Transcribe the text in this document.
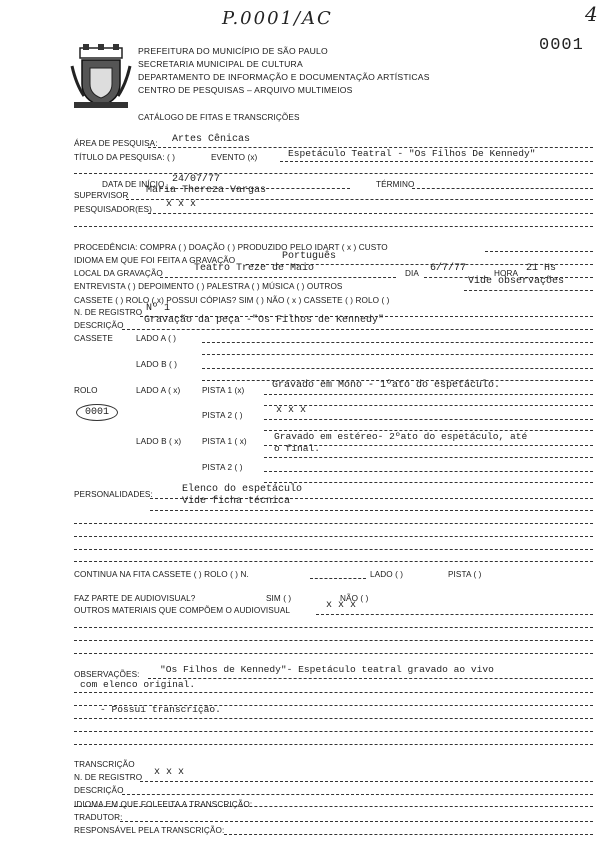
P.0001/AC	4
0001
PREFEITURA DO MUNICÍPIO DE SÃO PAULO
SECRETARIA MUNICIPAL DE CULTURA
DEPARTAMENTO DE INFORMAÇÃO E DOCUMENTAÇÃO ARTÍSTICAS
CENTRO DE PESQUISAS – ARQUIVO MULTIMEIOS
CATÁLOGO DE FITAS E TRANSCRIÇÕES
ÁREA DE PESQUISA: Artes Cênicas
TÍTULO DA PESQUISA: ( )	EVENTO (x)	Espetáculo Teatral - "Os Filhos De Kennedy"
DATA DE INÍCIO 24/07/77	TÉRMINO
SUPERVISOR Maria Thereza Vargas
PESQUISADOR(ES) x x x
PROCEDÊNCIA: COMPRA ( ) DOAÇÃO ( ) PRODUZIDO PELO IDART ( x ) CUSTO
IDIOMA EM QUE FOI FEITA A GRAVAÇÃO	Português
LOCAL DA GRAVAÇÃO	Teatro Treze de Maio	DIA 6/7/77	HORA 21 Hs
ENTREVISTA ( ) DEPOIMENTO ( ) PALESTRA ( ) MÚSICA ( ) OUTROS	Vide observações
CASSETE ( ) ROLO ( x) POSSUI CÓPIAS? SIM ( ) NÃO ( x ) CASSETE ( ) ROLO ( )
N. DE REGISTRO Nº 1
DESCRIÇÃO Gravação da peça -"Os Filhos de Kennedy"
CASSETE	LADO A ( )
LADO B ( )
ROLO	LADO A ( x)	PISTA 1 (x)	Gravado em Mono - 1ºato do espetáculo.
0001	PISTA 2 ( )	x x x
LADO B ( x)	PISTA 1 ( x)	Gravado em estéreo- 2ºato do espetáculo, até
o final.
PISTA 2 ( )
PERSONALIDADES:	Elenco do espetáculo
Vide ficha técnica
CONTINUA NA FITA CASSETE ( ) ROLO ( ) N.	LADO ( )	PISTA ( )
FAZ PARTE DE AUDIOVISUAL?	SIM ( )	NÃO ( )
OUTROS MATERIAIS QUE COMPÕEM O AUDIOVISUAL	x x x
OBSERVAÇÕES: "Os Filhos de Kennedy"- Espetáculo teatral gravado ao vivo
com elenco original.
- Possui transcrição.
TRANSCRIÇÃO
N. DE REGISTRO x x x
DESCRIÇÃO
IDIOMA EM QUE FOI FEITA A TRANSCRIÇÃO:
TRADUTOR:
RESPONSÁVEL PELA TRANSCRIÇÃO:
